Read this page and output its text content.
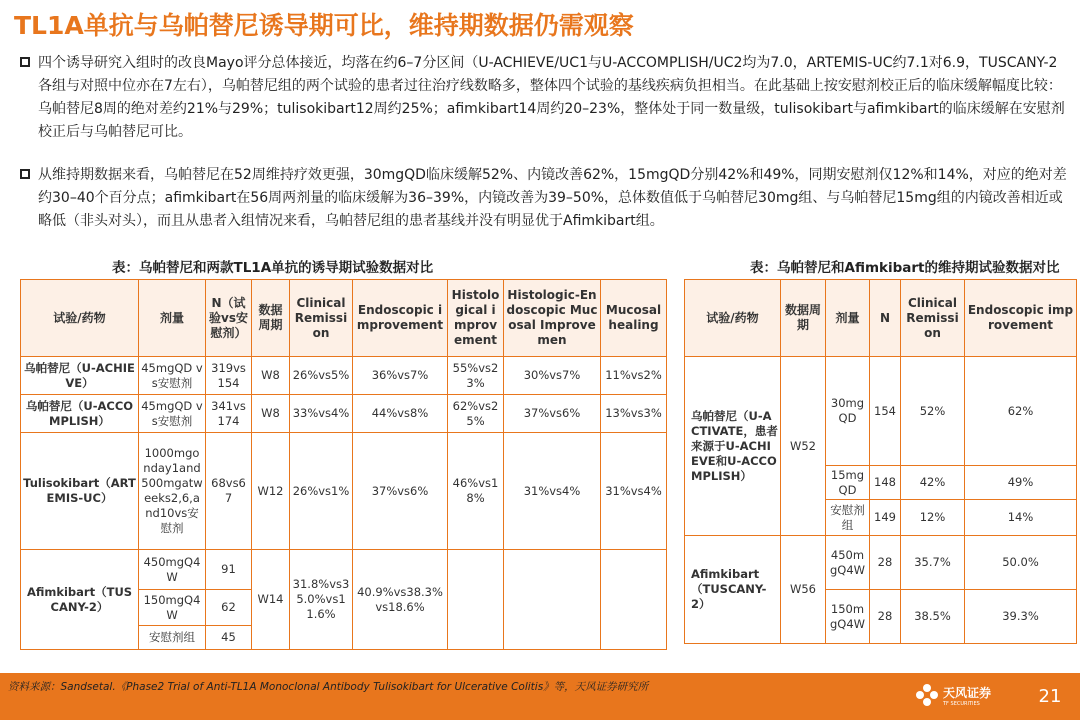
TL1A单抗与乌帕替尼诱导期可比，维持期数据仍需观察
四个诱导研究入组时的改良Mayo评分总体接近，均落在约6–7分区间（U-ACHIEVE/UC1与U-ACCOMPLISH/UC2均为7.0，ARTEMIS-UC约7.1对6.9，TUSCANY-2各组与对照中位亦在7左右），乌帕替尼组的两个试验的患者过往治疗线数略多，整体四个试验的基线疾病负担相当。在此基础上按安慰剂校正后的临床缓解幅度比较：乌帕替尼8周的绝对差约21%与29%；tulisokibart12周约25%；afimkibart14周约20–23%，整体处于同一数量级，tulisokibart与afimkibart的临床缓解在安慰剂校正后与乌帕替尼可比。
从维持期数据来看，乌帕替尼在52周维持疗效更强，30mgQD临床缓解52%、内镜改善62%，15mgQD分别42%和49%，同期安慰剂仅12%和14%，对应的绝对差约30–40个百分点；afimkibart在56周两剂量的临床缓解为36–39%，内镜改善为39–50%，总体数值低于乌帕替尼30mg组、与乌帕替尼15mg组的内镜改善相近或略低（非头对头），而且从患者入组情况来看，乌帕替尼组的患者基线并没有明显优于Afimkibart组。
表：乌帕替尼和两款TL1A单抗的诱导期试验数据对比	表：乌帕替尼和Afimkibart的维持期试验数据对比
试验/药物	剂量	N（试验vs安慰剂）	数据周期	Clinical Remission	Endoscopic improvement	Histological improvement	Histologic-Endoscopic Mucosal Improvemen	Mucosal healing
乌帕替尼（U-ACHIEVE）	45mgQD vs安慰剂	319vs154	W8	26%vs5%	36%vs7%	55%vs23%	30%vs7%	11%vs2%
乌帕替尼（U-ACCOMPLISH）	45mgQD vs安慰剂	341vs174	W8	33%vs4%	44%vs8%	62%vs25%	37%vs6%	13%vs3%
Tulisokibart（ARTEMIS-UC）	1000mgonday1and500mgatweeks2,6,and10vs安慰剂	68vs67	W12	26%vs1%	37%vs6%	46%vs18%	31%vs4%	31%vs4%
Afimkibart（TUSCANY-2）	450mgQ4W	91	W14	31.8%vs35.0%vs11.6%	40.9%vs38.3%vs18.6%			
	150mgQ4W	62						
	安慰剂组	45						
试验/药物	数据周期	剂量	N	Clinical Remission	Endoscopic improvement
乌帕替尼（U-ACTIVATE，患者来源于U-ACHIEVE和U-ACCOMPLISH）	W52	30mg QD	154	52%	62%
		15mg QD	148	42%	49%
		安慰剂组	149	12%	14%
Afimkibart（TUSCANY-2）	W56	450mgQ4W	28	35.7%	50.0%
		150mgQ4W	28	38.5%	39.3%
资料来源：Sandsetal.《Phase2 Trial of Anti-TL1A Monoclonal Antibody Tulisokibart for Ulcerative Colitis》等，天风证券研究所	天风证券
TF SECURITIES	21
